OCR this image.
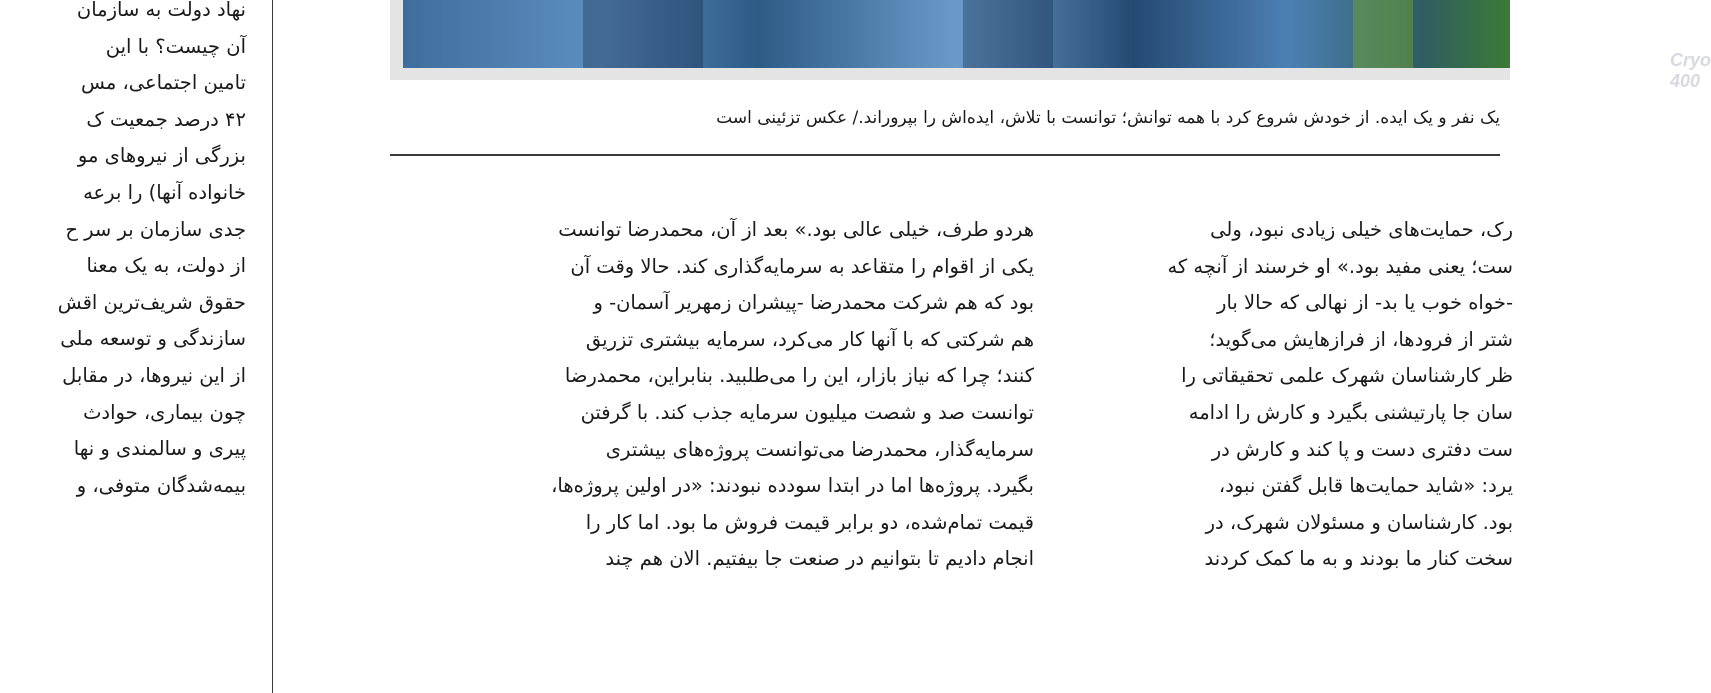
نهاد دولت به سازمان
آن چیست؟ با این
تامین اجتماعی، مس
۴۲ درصد جمعیت ک
بزرگی از نیروهای مو
خانواده آنها) را برعه
جدی سازمان بر سر ح
از دولت، به یک معنا
حقوق شریف‌ترین اقش
سازندگی و توسعه ملی
از این نیروها، در مقابل
چون بیماری، حوادث
پیری و سالمندی و نها
بیمه‌شدگان متوفی، و
Cryo 400
یک نفر و یک ایده. از خودش شروع کرد با همه توانش؛ توانست با تلاش، ایده‌اش را بپروراند./ عکس تزئینی است
هردو طرف، خیلی عالی بود.» بعد از آن، محمدرضا توانست
یکی از اقوام را متقاعد به سرمایه‌گذاری کند. حالا وقت آن
بود که هم شرکت محمدرضا -پیشران زمهریر آسمان- و
هم شرکتی که با آنها کار می‌کرد، سرمایه بیشتری تزریق
کنند؛ چرا که نیاز بازار، این را می‌طلبید. بنابراین، محمدرضا
توانست صد و شصت میلیون سرمایه جذب کند. با گرفتن
سرمایه‌گذار، محمدرضا می‌توانست پروژه‌های بیشتری
بگیرد. پروژه‌ها اما در ابتدا سودده نبودند: «در اولین پروژه‌ها،
قیمت تمام‌شده، دو برابر قیمت فروش ما بود. اما کار را
انجام دادیم تا بتوانیم در صنعت جا بیفتیم. الان هم چند
رک، حمایت‌های خیلی زیادی نبود، ولی
ست؛ یعنی مفید بود.» او خرسند از آنچه که
-خواه خوب یا بد- از نهالی که حالا بار
شتر از فرودها، از فرازهایش می‌گوید؛
ظر کارشناسان شهرک علمی تحقیقاتی را
سان جا پارتیشنی بگیرد و کارش را ادامه
ست دفتری دست و پا کند و کارش در
یرد: «شاید حمایت‌ها قابل گفتن نبود،
بود. کارشناسان و مسئولان شهرک، در
سخت کنار ما بودند و به ما کمک کردند
